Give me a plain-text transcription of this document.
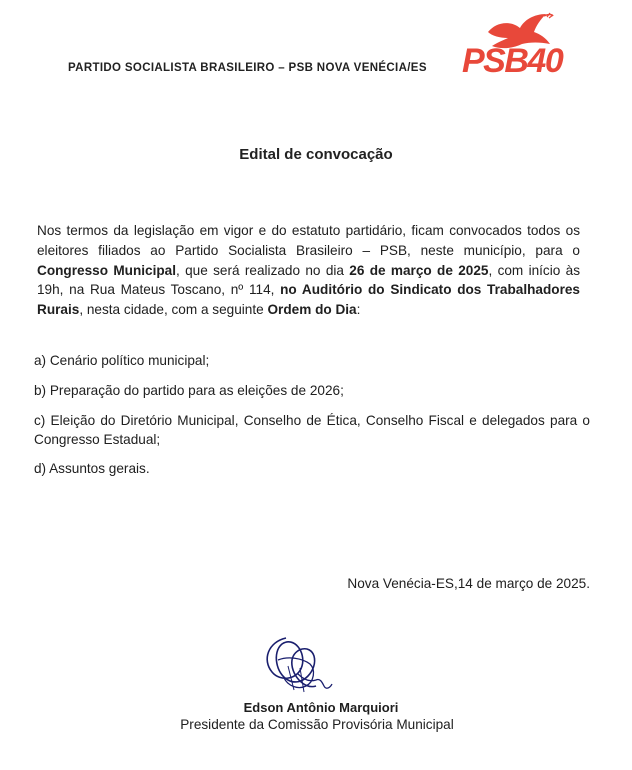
PARTIDO SOCIALISTA BRASILEIRO – PSB NOVA VENÉCIA/ES PSB40
Edital de convocação
Nos termos da legislação em vigor e do estatuto partidário, ficam convocados todos os eleitores filiados ao Partido Socialista Brasileiro – PSB, neste município, para o Congresso Municipal, que será realizado no dia 26 de março de 2025, com início às 19h, na Rua Mateus Toscano, nº 114, no Auditório do Sindicato dos Trabalhadores Rurais, nesta cidade, com a seguinte Ordem do Dia:

a) Cenário político municipal;

b) Preparação do partido para as eleições de 2026;

c) Eleição do Diretório Municipal, Conselho de Ética, Conselho Fiscal e delegados para o Congresso Estadual;

d) Assuntos gerais.

Nova Venécia-ES,14 de março de 2025.
Edson Antônio Marquiori
Presidente da Comissão Provisória Municipal
